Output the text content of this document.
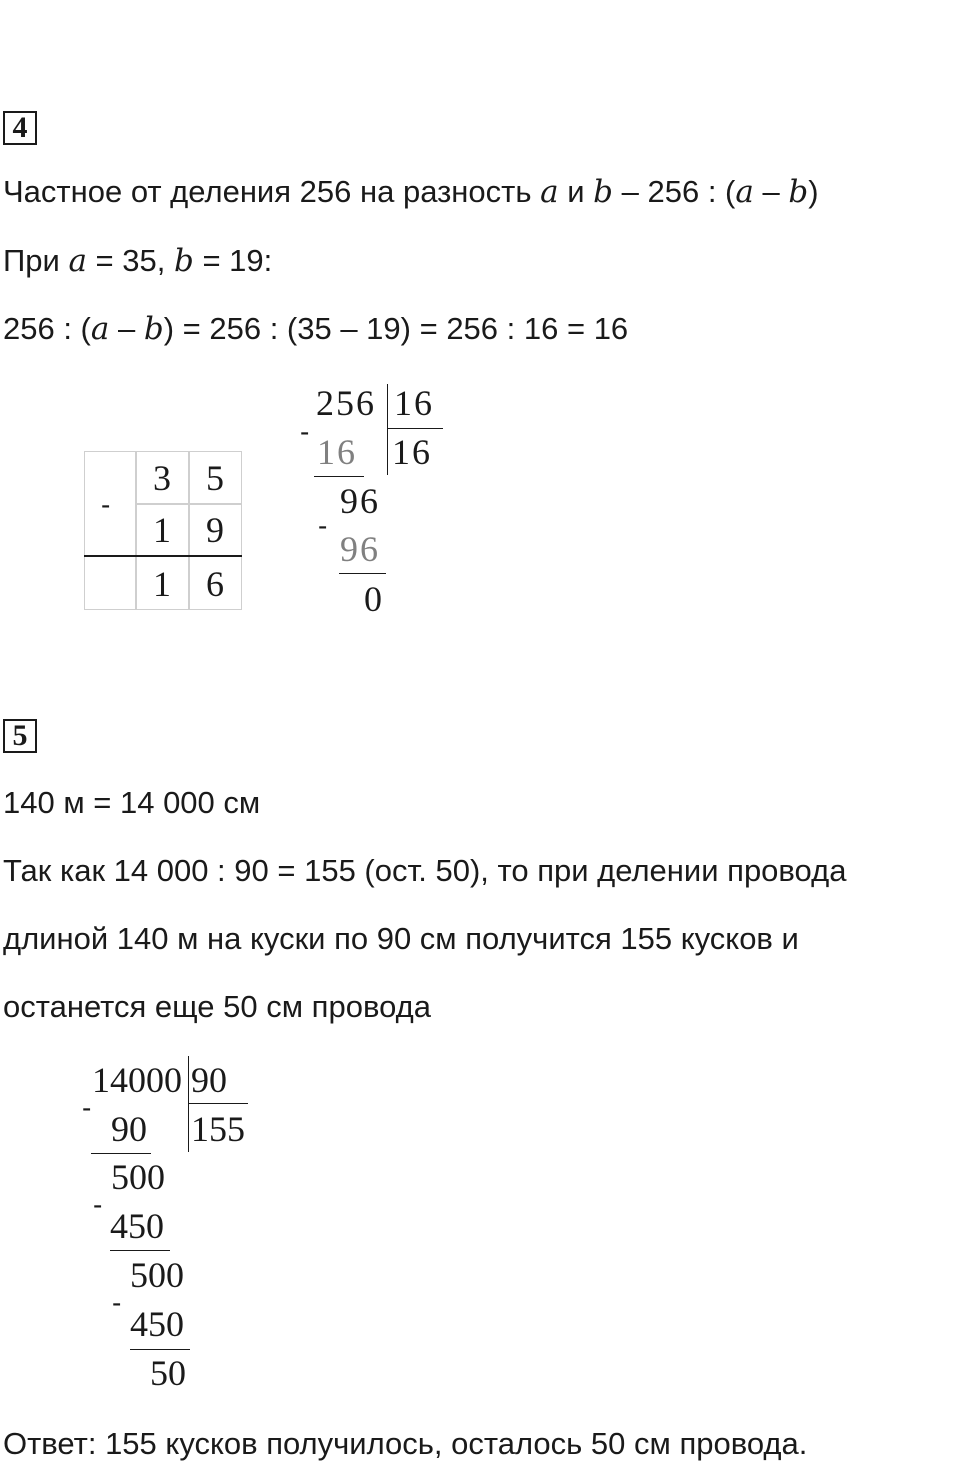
4
Частное от деления 256 на разность a и b – 256 : (a – b)
При a = 35, b = 19:
256 : (a – b) = 256 : (35 – 19) = 256 : 16 = 16
-
3 5
1 9
1 6
256 16
16
-
16
96
-
96
0
5
140 м = 14 000 см
Так как 14 000 : 90 = 155 (ост. 50), то при делении провода
длиной 140 м на куски по 90 см получится 155 кусков и
останется еще 50 см провода
14000 90
155
-
90
500
-
450
500
-
450
50
Ответ: 155 кусков получилось, осталось 50 см провода.
